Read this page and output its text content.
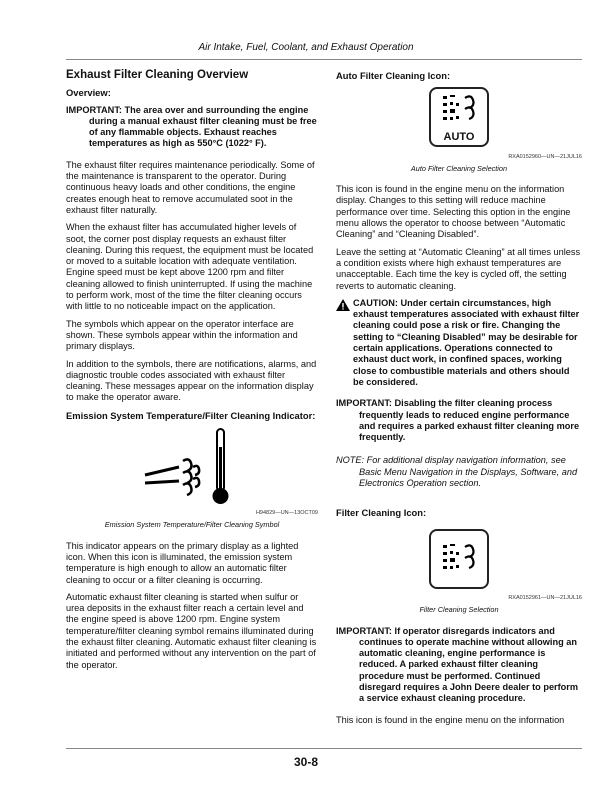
Air Intake, Fuel, Coolant, and Exhaust Operation
Exhaust Filter Cleaning Overview
Overview:
IMPORTANT: The area over and surrounding the engine during a manual exhaust filter cleaning must be free of any flammable objects. Exhaust reaches temperatures as high as 550°C (1022° F).

The exhaust filter requires maintenance periodically. Some of the maintenance is transparent to the operator. During continuous heavy loads and other conditions, the engine creates enough heat to remove accumulated soot in the exhaust filter naturally.

When the exhaust filter has accumulated higher levels of soot, the corner post display requests an exhaust filter cleaning. During this request, the equipment must be located or moved to a suitable location with adequate ventilation. Engine speed must be kept above 1200 rpm and filter cleaning allowed to finish uninterrupted. If using the machine to perform work, most of the time the filter cleaning occurs with little to no noticeable impact on the application.

The symbols which appear on the operator interface are shown. These symbols appear within the information and primary displays.

In addition to the symbols, there are notifications, alarms, and diagnostic trouble codes associated with exhaust filter cleaning. These messages appear on the information display to make the operator aware.

Emission System Temperature/Filter Cleaning Indicator:
H94829—UN—13OCT09
Emission System Temperature/Filter Cleaning Symbol

This indicator appears on the primary display as a lighted icon. When this icon is illuminated, the emission system temperature is high enough to allow an automatic filter cleaning to occur or a filter cleaning is occurring.

Automatic exhaust filter cleaning is started when sulfur or urea deposits in the exhaust filter reach a certain level and the engine speed is above 1200 rpm. Engine system temperature/filter cleaning symbol remains illuminated during the exhaust filter cleaning. Automatic exhaust filter cleaning is initiated and performed without any intervention on the part of the operator.

Auto Filter Cleaning Icon:
AUTO
RXA0152960—UN—21JUL16
Auto Filter Cleaning Selection

This icon is found in the engine menu on the information display. Changes to this setting will reduce machine performance over time. Selecting this option in the engine menu allows the operator to choose between “Automatic Cleaning” and “Cleaning Disabled”.

Leave the setting at “Automatic Cleaning” at all times unless a condition exists where high exhaust temperatures are unacceptable. Each time the key is cycled off, the setting reverts to automatic cleaning.

CAUTION: Under certain circumstances, high exhaust temperatures associated with exhaust filter cleaning could pose a risk or fire. Changing the setting to “Cleaning Disabled” may be desirable for certain applications. Operations connected to exhaust duct work, in confined spaces, working close to combustible materials and others should be considered.
IMPORTANT: Disabling the filter cleaning process frequently leads to reduced engine performance and requires a parked exhaust filter cleaning more frequently.
NOTE: For additional display navigation information, see Basic Menu Navigation in the Displays, Software, and Electronics Operation section.
Filter Cleaning Icon:
RXA0152961—UN—21JUL16
Filter Cleaning Selection
IMPORTANT: If operator disregards indicators and continues to operate machine without allowing an automatic cleaning, engine performance is reduced. A parked exhaust filter cleaning procedure must be performed. Continued disregard requires a John Deere dealer to perform a service exhaust cleaning procedure.

This icon is found in the engine menu on the information

30-8
